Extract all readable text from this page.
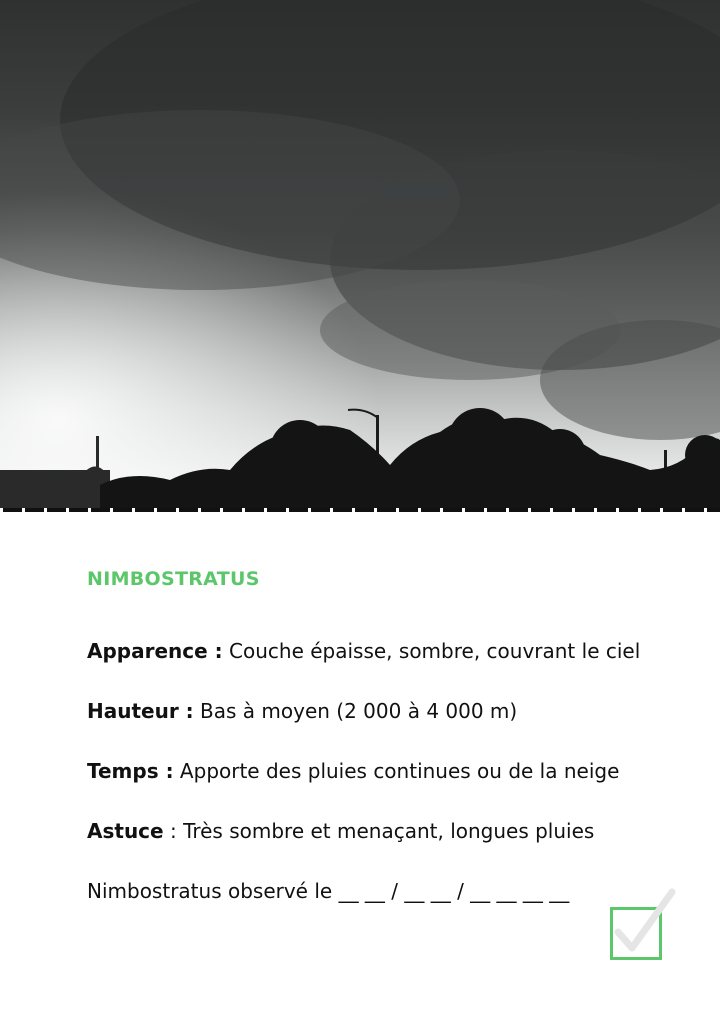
NIMBOSTRATUS

Apparence : Couche épaisse, sombre, couvrant le ciel

Hauteur : Bas à moyen (2 000 à 4 000 m)

Temps : Apporte des pluies continues ou de la neige

Astuce : Très sombre et menaçant, longues pluies

Nimbostratus observé le __ __ / __ __ / __ __ __ __
